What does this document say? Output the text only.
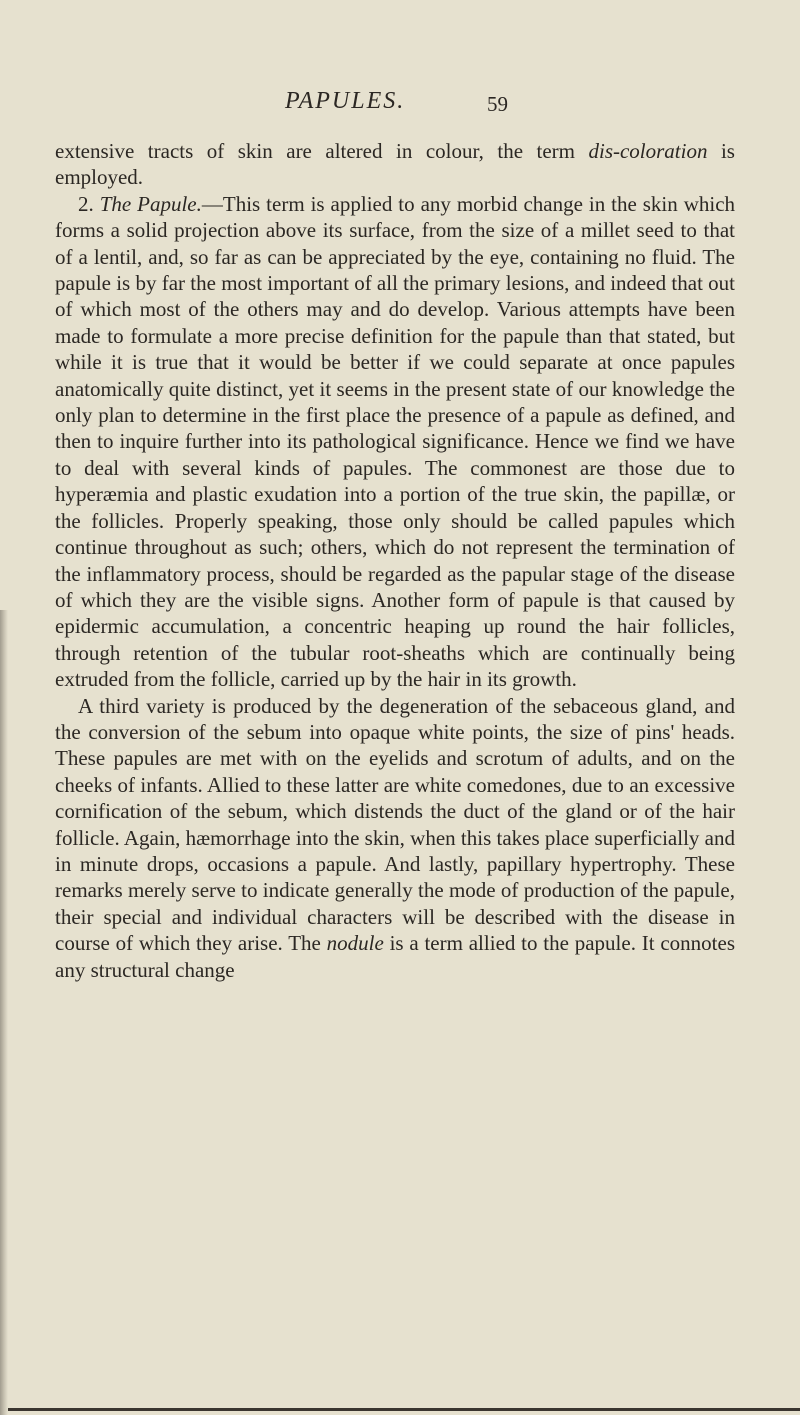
PAPULES.	59

extensive tracts of skin are altered in colour, the term dis-coloration is employed.

2. The Papule.—This term is applied to any morbid change in the skin which forms a solid projection above its surface, from the size of a millet seed to that of a lentil, and, so far as can be appreciated by the eye, containing no fluid. The papule is by far the most important of all the primary lesions, and indeed that out of which most of the others may and do develop. Various attempts have been made to formulate a more precise definition for the papule than that stated, but while it is true that it would be better if we could separate at once papules anatomically quite distinct, yet it seems in the present state of our knowledge the only plan to determine in the first place the presence of a papule as defined, and then to inquire further into its pathological significance. Hence we find we have to deal with several kinds of papules. The commonest are those due to hyperæmia and plastic exudation into a portion of the true skin, the papillæ, or the follicles. Properly speaking, those only should be called papules which continue throughout as such; others, which do not represent the termination of the inflammatory process, should be regarded as the papular stage of the disease of which they are the visible signs. Another form of papule is that caused by epidermic accumulation, a concentric heaping up round the hair follicles, through retention of the tubular root-sheaths which are continually being extruded from the follicle, carried up by the hair in its growth.

A third variety is produced by the degeneration of the sebaceous gland, and the conversion of the sebum into opaque white points, the size of pins' heads. These papules are met with on the eyelids and scrotum of adults, and on the cheeks of infants. Allied to these latter are white comedones, due to an excessive cornification of the sebum, which distends the duct of the gland or of the hair follicle. Again, hæmorrhage into the skin, when this takes place superficially and in minute drops, occasions a papule. And lastly, papillary hypertrophy. These remarks merely serve to indicate generally the mode of production of the papule, their special and individual characters will be described with the disease in course of which they arise. The nodule is a term allied to the papule. It connotes any structural change
